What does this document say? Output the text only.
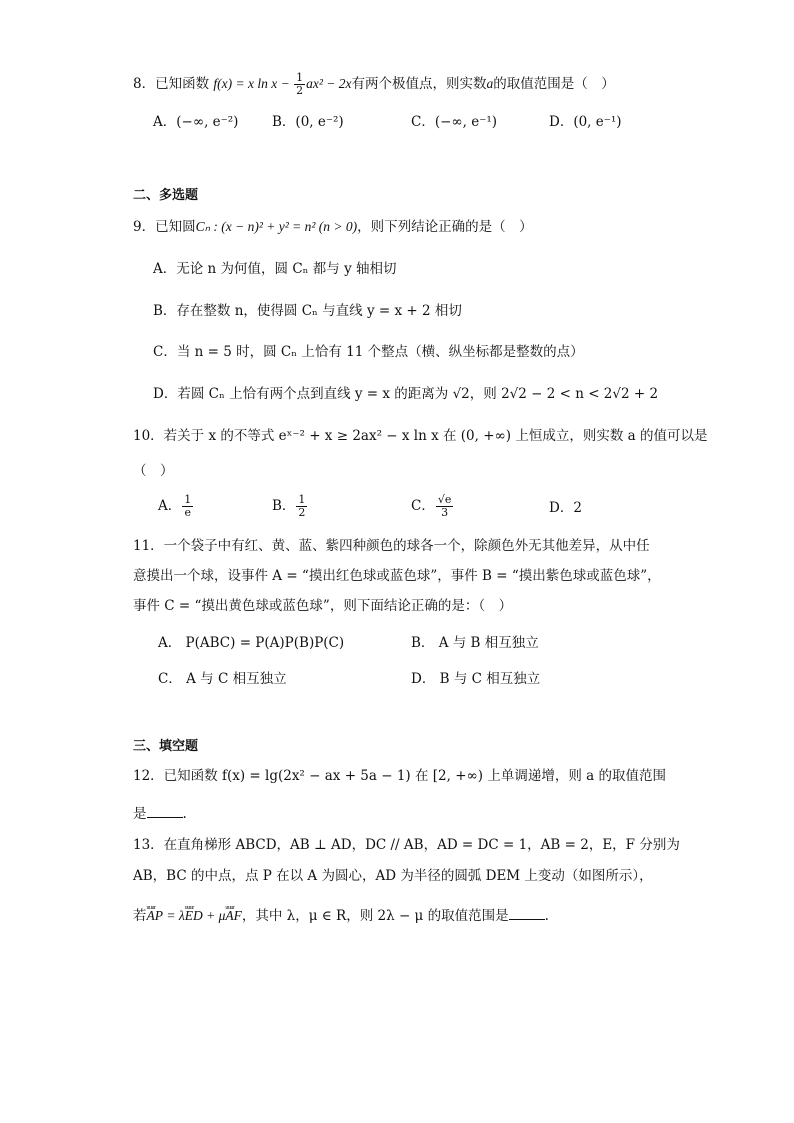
8．已知函数 f(x) = x $\ln x - \frac{1}{2} ax^2 - 2x$有两个极值点，则实数a的取值范围是（　）
A．(−∞, e⁻²) B．(0, e⁻²)	C．(−∞, e⁻¹)	D．(0, e⁻¹)
二、多选题
9．已知圆Cₙ : (x − n)² + y² = n² (n > 0)，则下列结论正确的是（　）
A．无论 n 为何值，圆 Cₙ 都与 y 轴相切
B．存在整数 n，使得圆 Cₙ 与直线 y = x + 2 相切
C．当 n = 5 时，圆 Cₙ 上恰有 11 个整点（横、纵坐标都是整数的点）
D．若圆 Cₙ 上恰有两个点到直线 y = x 的距离为 √2，则 2√2 − 2 < n < 2√2 + 2
10．若关于 x 的不等式 eˣ⁻² + x ≥ 2ax² − x ln x 在 (0, +∞) 上恒成立，则实数 a 的值可以是
（　）
A． $\frac{1}{e}$	B． $\frac{1}{2}$	C． $\frac{√e}{3}$	D．2
11．一个袋子中有红、黄、蓝、紫四种颜色的球各一个，除颜色外无其他差异，从中任
意摸出一个球，设事件 A = “摸出红色球或蓝色球”，事件 B = “摸出紫色球或蓝色球”，
事件 C = “摸出黄色球或蓝色球”，则下面结论正确的是：（　）
A． P(ABC) = P(A)P(B)P(C)	B． A 与 B 相互独立
C． A 与 C 相互独立	D． B 与 C 相互独立
三、填空题
12．已知函数 f(x) = lg(2x² − ax + 5a − 1) 在 [2, +∞) 上单调递增，则 a 的取值范围
是	.
13．在直角梯形 ABCD，AB ⊥ AD，DC // AB，AD = DC = 1，AB = 2，E，F 分别为
AB，BC 的中点，点 P 在以 A 为圆心，AD 为半径的圆弧 DEM 上变动（如图所示），
若uuur AP = λuuur ED + μuuur AF，其中 λ，μ ∈ R，则 2λ − μ 的取值范围是	.
